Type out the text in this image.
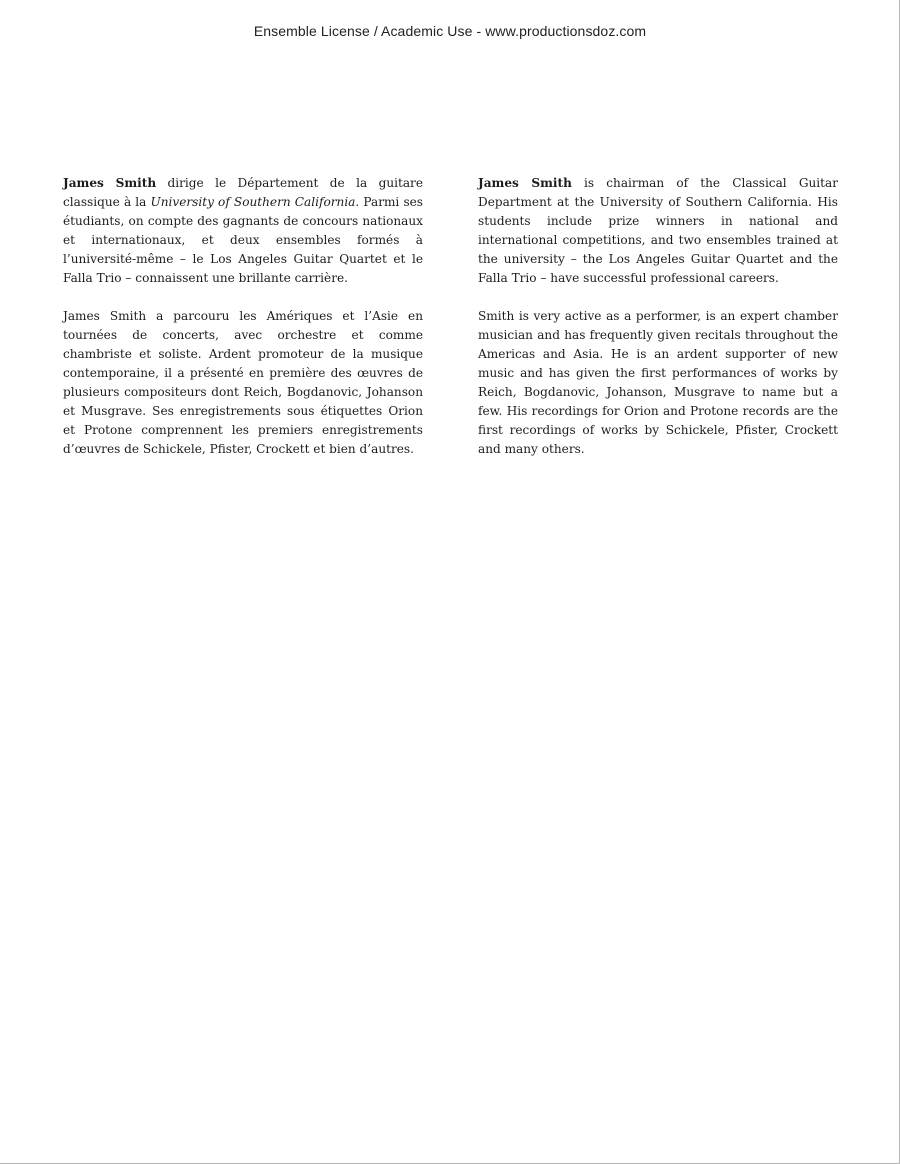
Ensemble License / Academic Use - www.productionsdoz.com

James Smith dirige le Département de la guitare classique à la University of Southern California. Parmi ses étudiants, on compte des gagnants de concours nationaux et internationaux, et deux ensembles formés à l’université-même – le Los Angeles Guitar Quartet et le Falla Trio – connaissent une brillante carrière.

James Smith a parcouru les Amériques et l’Asie en tournées de concerts, avec orchestre et comme chambriste et soliste. Ardent promoteur de la musique contemporaine, il a présenté en première des œuvres de plusieurs compositeurs dont Reich, Bogdanovic, Johanson et Musgrave. Ses enregistrements sous étiquettes Orion et Protone comprennent les premiers enregistrements d’œuvres de Schickele, Pfister, Crockett et bien d’autres.

James Smith is chairman of the Classical Guitar Department at the University of Southern California. His students include prize winners in national and international competitions, and two ensembles trained at the university – the Los Angeles Guitar Quartet and the Falla Trio – have successful professional careers.

Smith is very active as a performer, is an expert chamber musician and has frequently given recitals throughout the Americas and Asia. He is an ardent supporter of new music and has given the first performances of works by Reich, Bogdanovic, Johanson, Musgrave to name but a few. His recordings for Orion and Protone records are the first recordings of works by Schickele, Pfister, Crockett and many others.
